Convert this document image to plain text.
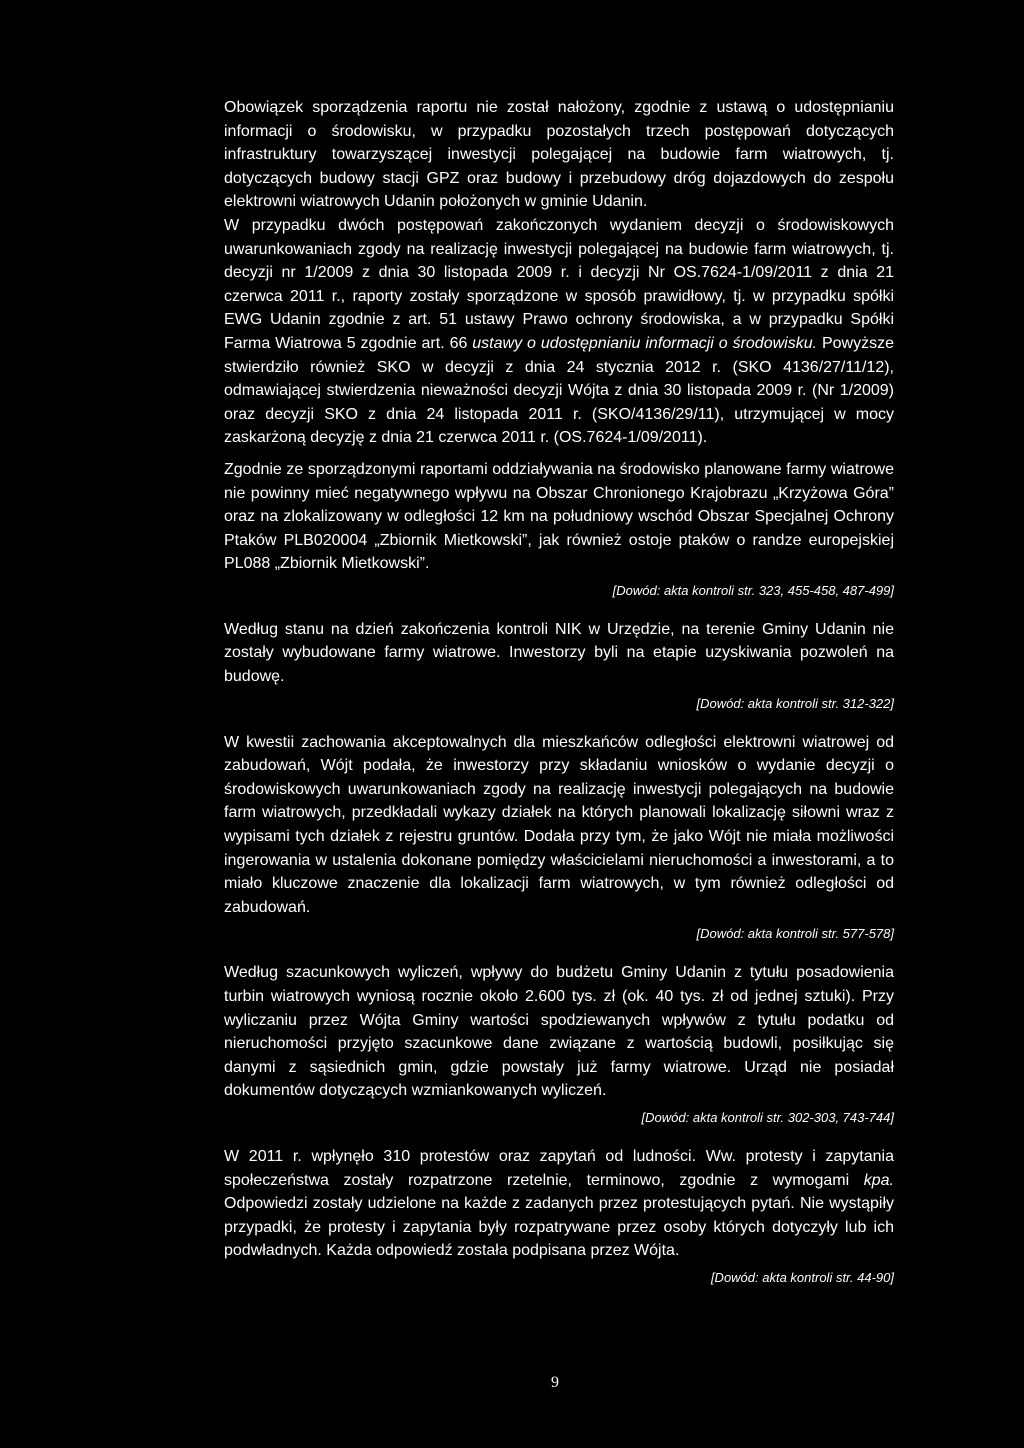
Obowiązek sporządzenia raportu nie został nałożony, zgodnie z ustawą o udostępnianiu informacji o środowisku, w przypadku pozostałych trzech postępowań dotyczących infrastruktury towarzyszącej inwestycji polegającej na budowie farm wiatrowych, tj. dotyczących budowy stacji GPZ oraz budowy i przebudowy dróg dojazdowych do zespołu elektrowni wiatrowych Udanin położonych w gminie Udanin.

W przypadku dwóch postępowań zakończonych wydaniem decyzji o środowiskowych uwarunkowaniach zgody na realizację inwestycji polegającej na budowie farm wiatrowych, tj. decyzji nr 1/2009 z dnia 30 listopada 2009 r. i decyzji Nr OS.7624-1/09/2011 z dnia 21 czerwca 2011 r., raporty zostały sporządzone w sposób prawidłowy, tj. w przypadku spółki EWG Udanin zgodnie z art. 51 ustawy Prawo ochrony środowiska, a w przypadku Spółki Farma Wiatrowa 5 zgodnie art. 66 ustawy o udostępnianiu informacji o środowisku. Powyższe stwierdziło również SKO w decyzji z dnia 24 stycznia 2012 r. (SKO 4136/27/11/12), odmawiającej stwierdzenia nieważności decyzji Wójta z dnia 30 listopada 2009 r. (Nr 1/2009) oraz decyzji SKO z dnia 24 listopada 2011 r. (SKO/4136/29/11), utrzymującej w mocy zaskarżoną decyzję z dnia 21 czerwca 2011 r. (OS.7624-1/09/2011).

Zgodnie ze sporządzonymi raportami oddziaływania na środowisko planowane farmy wiatrowe nie powinny mieć negatywnego wpływu na Obszar Chronionego Krajobrazu „Krzyżowa Góra” oraz na zlokalizowany w odległości 12 km na południowy wschód Obszar Specjalnej Ochrony Ptaków PLB020004 „Zbiornik Mietkowski”, jak również ostoje ptaków o randze europejskiej PL088 „Zbiornik Mietkowski”.

[Dowód: akta kontroli str. 323, 455-458, 487-499]

Według stanu na dzień zakończenia kontroli NIK w Urzędzie, na terenie Gminy Udanin nie zostały wybudowane farmy wiatrowe. Inwestorzy byli na etapie uzyskiwania pozwoleń na budowę.

[Dowód: akta kontroli str. 312-322]

W kwestii zachowania akceptowalnych dla mieszkańców odległości elektrowni wiatrowej od zabudowań, Wójt podała, że inwestorzy przy składaniu wniosków o wydanie decyzji o środowiskowych uwarunkowaniach zgody na realizację inwestycji polegających na budowie farm wiatrowych, przedkładali wykazy działek na których planowali lokalizację siłowni wraz z wypisami tych działek z rejestru gruntów. Dodała przy tym, że jako Wójt nie miała możliwości ingerowania w ustalenia dokonane pomiędzy właścicielami nieruchomości a inwestorami, a to miało kluczowe znaczenie dla lokalizacji farm wiatrowych, w tym również odległości od zabudowań.

[Dowód: akta kontroli str. 577-578]

Według szacunkowych wyliczeń, wpływy do budżetu Gminy Udanin z tytułu posadowienia turbin wiatrowych wyniosą rocznie około 2.600 tys. zł (ok. 40 tys. zł od jednej sztuki). Przy wyliczaniu przez Wójta Gminy wartości spodziewanych wpływów z tytułu podatku od nieruchomości przyjęto szacunkowe dane związane z wartością budowli, posiłkując się danymi z sąsiednich gmin, gdzie powstały już farmy wiatrowe. Urząd nie posiadał dokumentów dotyczących wzmiankowanych wyliczeń.

[Dowód: akta kontroli str. 302-303, 743-744]

W 2011 r. wpłynęło 310 protestów oraz zapytań od ludności. Ww. protesty i zapytania społeczeństwa zostały rozpatrzone rzetelnie, terminowo, zgodnie z wymogami kpa. Odpowiedzi zostały udzielone na każde z zadanych przez protestujących pytań. Nie wystąpiły przypadki, że protesty i zapytania były rozpatrywane przez osoby których dotyczyły lub ich podwładnych. Każda odpowiedź została podpisana przez Wójta.

[Dowód: akta kontroli str. 44-90]

9
